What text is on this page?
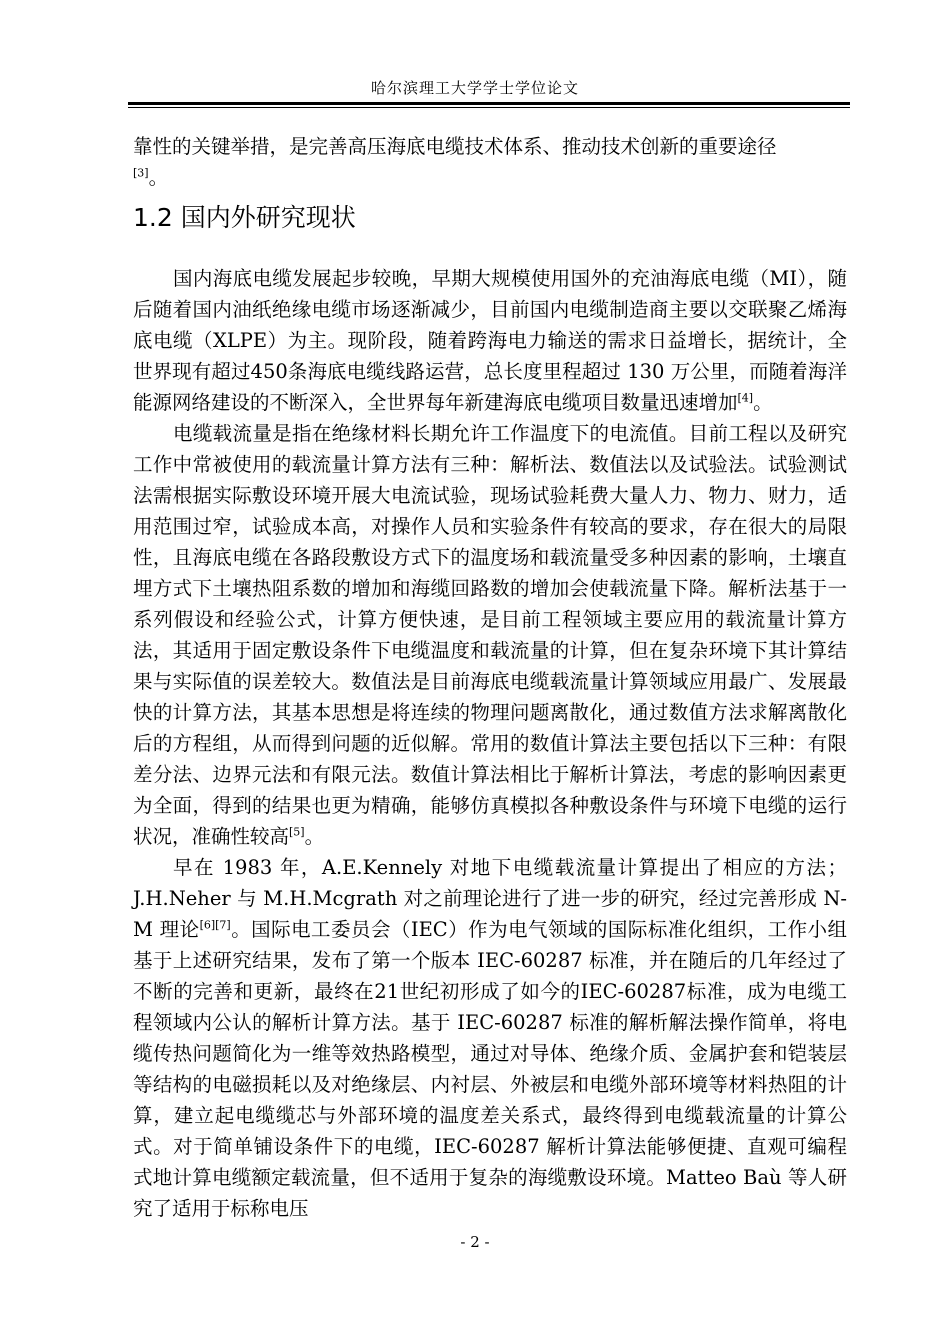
哈尔滨理工大学学士学位论文

靠性的关键举措，是完善高压海底电缆技术体系、推动技术创新的重要途径
[3]。

1.2 国内外研究现状

国内海底电缆发展起步较晚，早期大规模使用国外的充油海底电缆（MI），随后随着国内油纸绝缘电缆市场逐渐减少，目前国内电缆制造商主要以交联聚乙烯海底电缆（XLPE）为主。现阶段，随着跨海电力输送的需求日益增长，据统计，全世界现有超过450条海底电缆线路运营，总长度里程超过 130 万公里，而随着海洋能源网络建设的不断深入，全世界每年新建海底电缆项目数量迅速增加[4]。

电缆载流量是指在绝缘材料长期允许工作温度下的电流值。目前工程以及研究工作中常被使用的载流量计算方法有三种：解析法、数值法以及试验法。试验测试法需根据实际敷设环境开展大电流试验，现场试验耗费大量人力、物力、财力，适用范围过窄，试验成本高，对操作人员和实验条件有较高的要求，存在很大的局限性，且海底电缆在各路段敷设方式下的温度场和载流量受多种因素的影响，土壤直埋方式下土壤热阻系数的增加和海缆回路数的增加会使载流量下降。解析法基于一系列假设和经验公式，计算方便快速，是目前工程领域主要应用的载流量计算方法，其适用于固定敷设条件下电缆温度和载流量的计算，但在复杂环境下其计算结果与实际值的误差较大。数值法是目前海底电缆载流量计算领域应用最广、发展最快的计算方法，其基本思想是将连续的物理问题离散化，通过数值方法求解离散化后的方程组，从而得到问题的近似解。常用的数值计算法主要包括以下三种：有限差分法、边界元法和有限元法。数值计算法相比于解析计算法，考虑的影响因素更为全面，得到的结果也更为精确，能够仿真模拟各种敷设条件与环境下电缆的运行状况，准确性较高[5]。

早在 1983 年，A.E.Kennely 对地下电缆载流量计算提出了相应的方法；J.H.Neher 与 M.H.Mcgrath 对之前理论进行了进一步的研究，经过完善形成 N-M 理论[6][7]。国际电工委员会（IEC）作为电气领域的国际标准化组织，工作小组基于上述研究结果，发布了第一个版本 IEC-60287 标准，并在随后的几年经过了不断的完善和更新，最终在21世纪初形成了如今的IEC-60287标准，成为电缆工程领域内公认的解析计算方法。基于 IEC-60287 标准的解析解法操作简单，将电缆传热问题简化为一维等效热路模型，通过对导体、绝缘介质、金属护套和铠装层等结构的电磁损耗以及对绝缘层、内衬层、外被层和电缆外部环境等材料热阻的计算，建立起电缆缆芯与外部环境的温度差关系式，最终得到电缆载流量的计算公式。对于简单铺设条件下的电缆，IEC-60287 解析计算法能够便捷、直观可编程式地计算电缆额定载流量，但不适用于复杂的海缆敷设环境。Matteo Baù 等人研究了适用于标称电压

- 2 -
